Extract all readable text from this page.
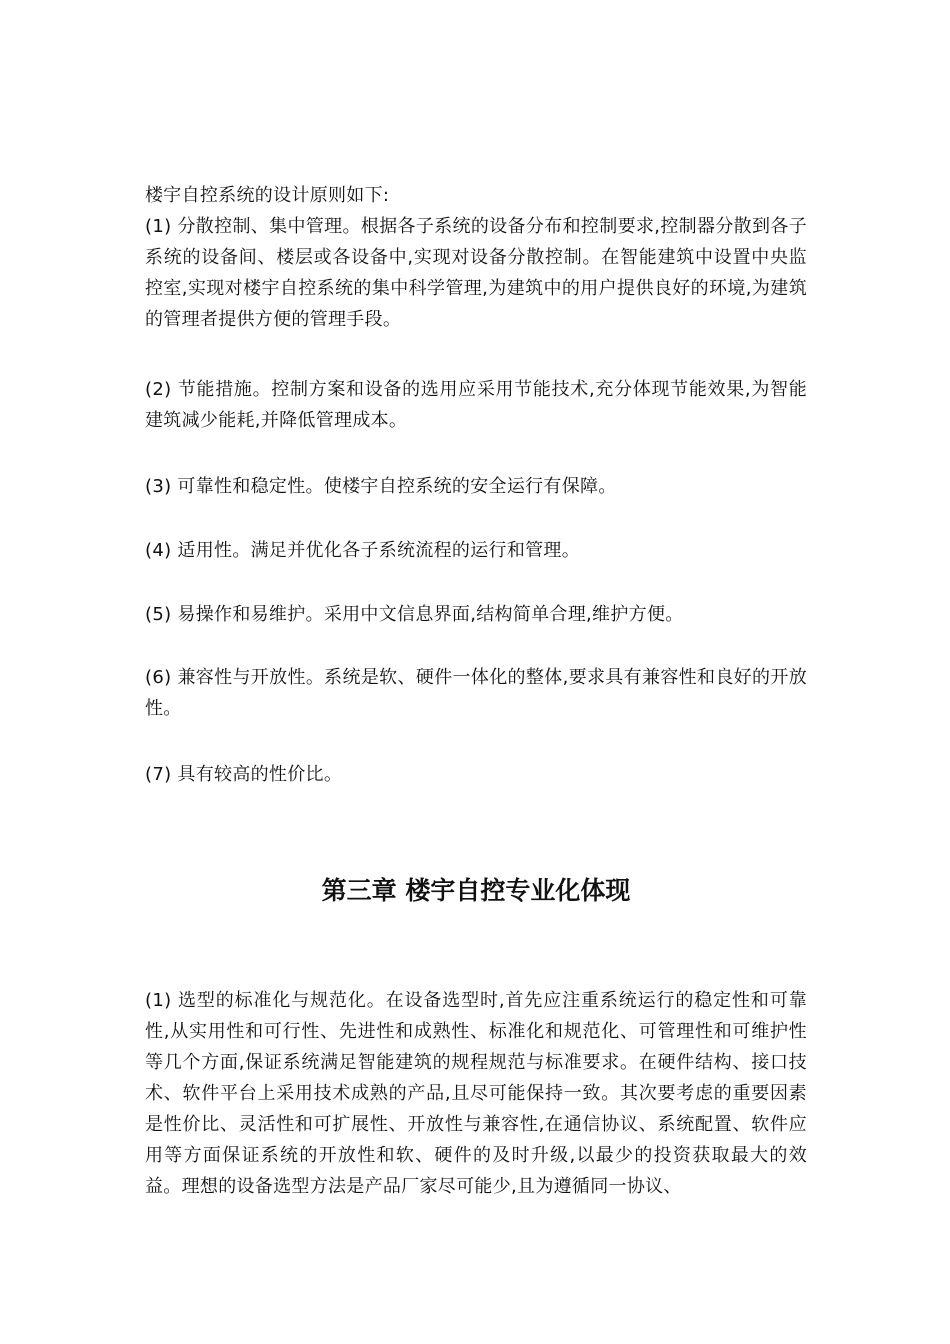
楼宇自控系统的设计原则如下:

(1) 分散控制、集中管理。根据各子系统的设备分布和控制要求,控制器分散到各子系统的设备间、楼层或各设备中,实现对设备分散控制。在智能建筑中设置中央监控室,实现对楼宇自控系统的集中科学管理,为建筑中的用户提供良好的环境,为建筑的管理者提供方便的管理手段。

(2) 节能措施。控制方案和设备的选用应采用节能技术,充分体现节能效果,为智能建筑减少能耗,并降低管理成本。

(3) 可靠性和稳定性。使楼宇自控系统的安全运行有保障。

(4) 适用性。满足并优化各子系统流程的运行和管理。

(5) 易操作和易维护。采用中文信息界面,结构简单合理,维护方便。

(6) 兼容性与开放性。系统是软、硬件一体化的整体,要求具有兼容性和良好的开放性。

(7) 具有较高的性价比。

第三章 楼宇自控专业化体现

(1) 选型的标准化与规范化。在设备选型时,首先应注重系统运行的稳定性和可靠性,从实用性和可行性、先进性和成熟性、标准化和规范化、可管理性和可维护性等几个方面,保证系统满足智能建筑的规程规范与标准要求。在硬件结构、接口技术、软件平台上采用技术成熟的产品,且尽可能保持一致。其次要考虑的重要因素是性价比、灵活性和可扩展性、开放性与兼容性,在通信协议、系统配置、软件应用等方面保证系统的开放性和软、硬件的及时升级,以最少的投资获取最大的效益。理想的设备选型方法是产品厂家尽可能少,且为遵循同一协议、
